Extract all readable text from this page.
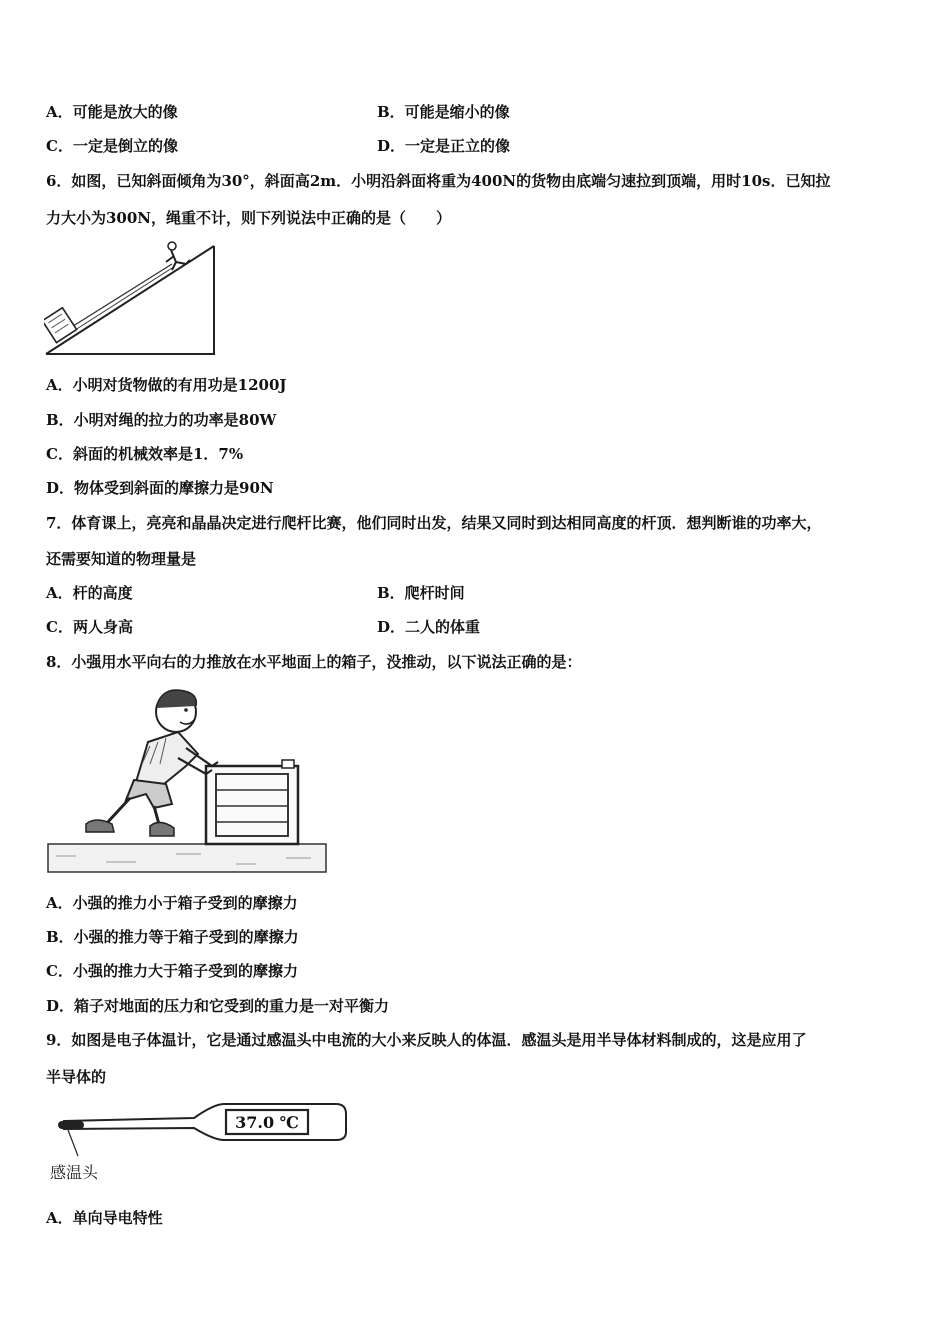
A．可能是放大的像	B．可能是缩小的像
C．一定是倒立的像	D．一定是正立的像
6．如图，已知斜面倾角为30°，斜面高2m．小明沿斜面将重为400N的货物由底端匀速拉到顶端，用时10s．已知拉
力大小为300N，绳重不计，则下列说法中正确的是（　　）
A．小明对货物做的有用功是1200J
B．小明对绳的拉力的功率是80W
C．斜面的机械效率是1．7%
D．物体受到斜面的摩擦力是90N
7．体育课上，亮亮和晶晶决定进行爬杆比赛，他们同时出发，结果又同时到达相同高度的杆顶．想判断谁的功率大，
还需要知道的物理量是
A．杆的高度	B．爬杆时间
C．两人身高	D．二人的体重
8．小强用水平向右的力推放在水平地面上的箱子，没推动，以下说法正确的是：
A．小强的推力小于箱子受到的摩擦力
B．小强的推力等于箱子受到的摩擦力
C．小强的推力大于箱子受到的摩擦力
D．箱子对地面的压力和它受到的重力是一对平衡力
9．如图是电子体温计，它是通过感温头中电流的大小来反映人的体温．感温头是用半导体材料制成的，这是应用了
半导体的
37.0 ℃
感温头
A．单向导电特性
